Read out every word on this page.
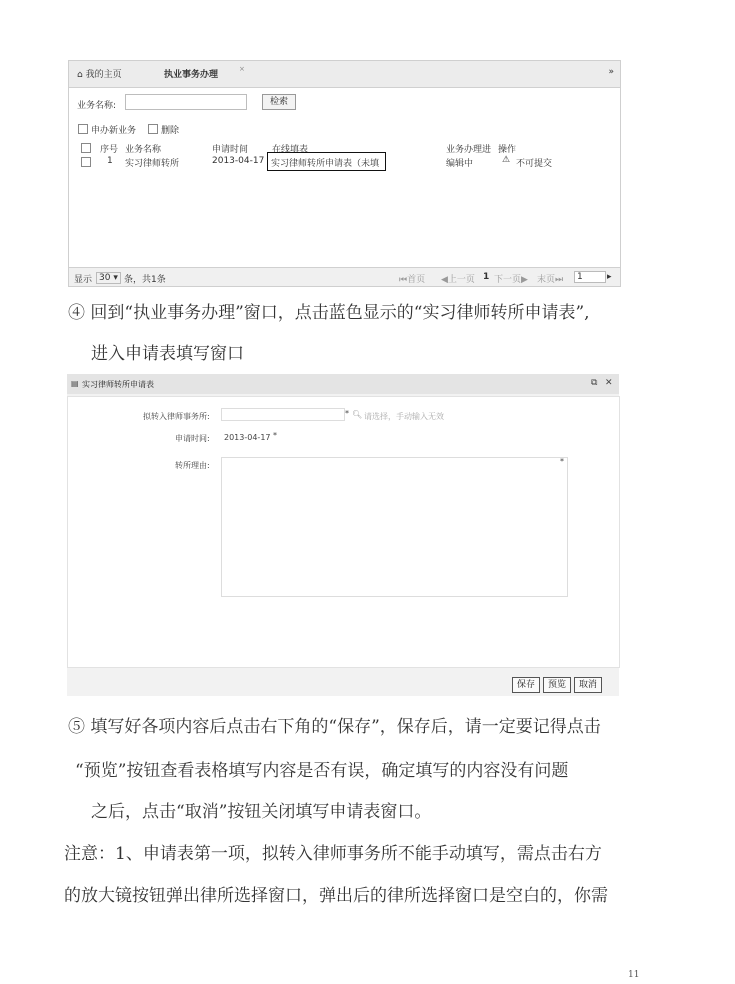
⌂ 我的主页	执业事务办理
×	»
业务名称:	检索
申办新业务	删除
序号 业务名称	申请时间	在线填表	业务办理进 操作
1 实习律师转所	2013-04-17 实习律师转所申请表（未填	编辑中	⚠ 不可提交
显示 30 ▾ 条，共1条	⏮首页 ◀上一页 1 下一页▶ 末页⏭	1	▸
④ 回到“执业事务办理”窗口，点击蓝色显示的“实习律师转所申请表”,
进入申请表填写窗口
▤ 实习律师转所申请表	⧉ ✕
拟转入律师事务所:	* 🔍︎ 请选择，手动输入无效
申请时间: 2013-04-17 *
转所理由:	*
保存	预览	取消
⑤ 填写好各项内容后点击右下角的“保存”，保存后，请一定要记得点击
“预览”按钮查看表格填写内容是否有误，确定填写的内容没有问题
之后，点击“取消”按钮关闭填写申请表窗口。
注意：1、申请表第一项，拟转入律师事务所不能手动填写，需点击右方
的放大镜按钮弹出律所选择窗口，弹出后的律所选择窗口是空白的，你需
11
